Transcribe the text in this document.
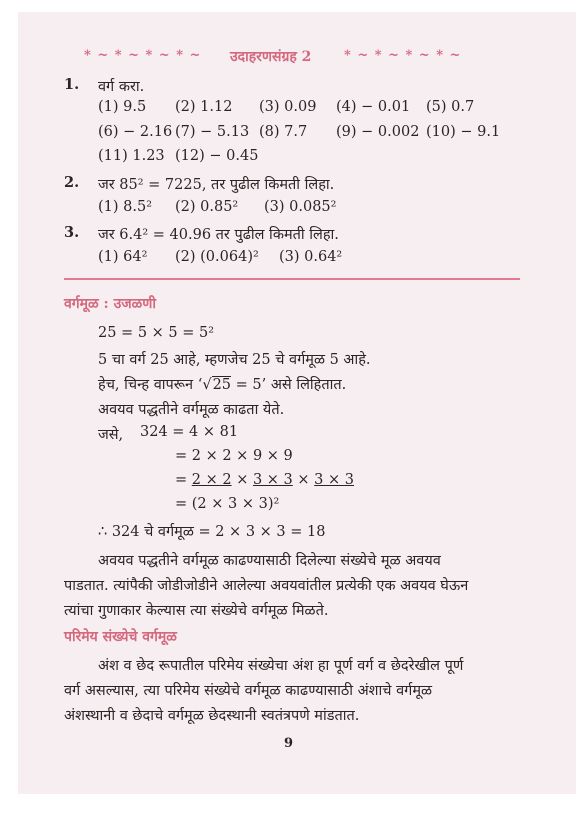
* ~ * ~ * ~ * ~ उदाहरणसंग्रह 2	* ~ * ~ * ~ * ~
1. वर्ग करा.
(1) 9.5 (2) 1.12 (3) 0.09 (4) − 0.01 (5) 0.7
(6) − 2.16 (7) − 5.13 (8) 7.7 (9) − 0.002 (10) − 9.1
(11) 1.23 (12) − 0.45
2. जर 85² = 7225, तर पुढील किमती लिहा.
(1) 8.5² (2) 0.85² (3) 0.085²
3. जर 6.4² = 40.96 तर पुढील किमती लिहा.
(1) 64² (2) (0.064)² (3) 0.64²
वर्गमूळ : उजळणी
25 = 5 × 5 = 5²
5 चा वर्ग 25 आहे, म्हणजेच 25 चे वर्गमूळ 5 आहे.
हेच, चिन्ह वापरून ‘√25 = 5’ असे लिहितात.
अवयव पद्धतीने वर्गमूळ काढता येते.
जसे, 324 = 4 × 81
= 2 × 2 × 9 × 9
= 2 × 2 × 3 × 3 × 3 × 3
= (2 × 3 × 3)²
∴ 324 चे वर्गमूळ = 2 × 3 × 3 = 18
अवयव पद्धतीने वर्गमूळ काढण्यासाठी दिलेल्या संख्येचे मूळ अवयव
पाडतात. त्यांपैकी जोडीजोडीने आलेल्या अवयवांतील प्रत्येकी एक अवयव घेऊन
त्यांचा गुणाकार केल्यास त्या संख्येचे वर्गमूळ मिळते.
परिमेय संख्येचे वर्गमूळ
अंश व छेद रूपातील परिमेय संख्येचा अंश हा पूर्ण वर्ग व छेदरेखील पूर्ण
वर्ग असल्यास, त्या परिमेय संख्येचे वर्गमूळ काढण्यासाठी अंशाचे वर्गमूळ
अंशस्थानी व छेदाचे वर्गमूळ छेदस्थानी स्वतंत्रपणे मांडतात.
9
